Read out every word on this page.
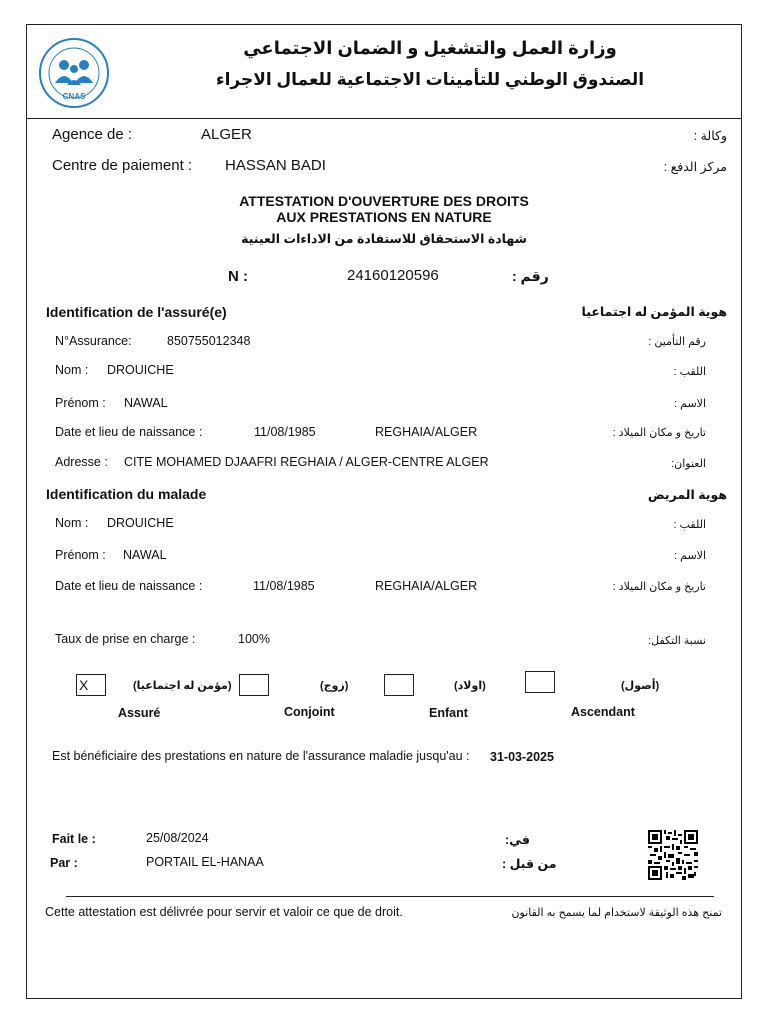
CNAS
وزارة العمل والتشغيل و الضمان الاجتماعي
الصندوق الوطني للتأمينات الاجتماعية للعمال الاجراء
Agence de :	ALGER	وكالة :
Centre de paiement : HASSAN BADI	مركز الدفع :
ATTESTATION D'OUVERTURE DES DROITS
AUX PRESTATIONS EN NATURE
شهادة الاستحقاق للاستفادة من الاداءات العينية
N :	24160120596	رقم :
Identification de l'assuré(e)	هوية المؤمن له اجتماعيا
N°Assurance:	850755012348	رقم التأمين :
Nom : DROUICHE	اللقب :
Prénom : NAWAL	الاسم :
Date et lieu de naissance :	11/08/1985	REGHAIA/ALGER	تاريخ و مكان الميلاد :
Adresse : CITE MOHAMED DJAAFRI REGHAIA / ALGER-CENTRE ALGER	العنوان:
Identification du malade	هوية المريض
Nom : DROUICHE	اللقب :
Prénom : NAWAL	الاسم :
Date et lieu de naissance :	11/08/1985	REGHAIA/ALGER	تاريخ و مكان الميلاد :
Taux de prise en charge :	100%	نسبة التكفل:
X	(مؤمن له اجتماعيا)
Assuré
(زوج)
Conjoint
(اولاد)
Enfant
(أصول)
Ascendant
Est bénéficiaire des prestations en nature de l'assurance maladie jusqu'au : 31-03-2025
Fait le :	25/08/2024	في:
Par :	PORTAIL EL-HANAA	من قبل :
Cette attestation est délivrée pour servir et valoir ce que de droit.	تمنح هذه الوثيقة لاستخدام لما يسمح به القانون
